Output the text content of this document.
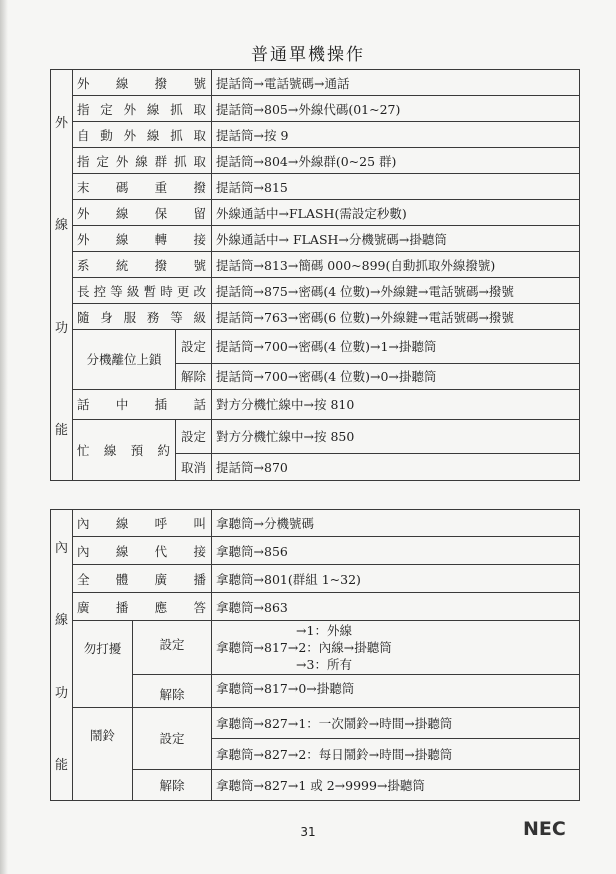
普通單機操作
外
線
功
能	外線撥號		提話筒→電話號碼→通話
	指定外線抓取		提話筒→805→外線代碼(01~27)
	自動外線抓取		提話筒→按 9
	指定外線群抓取		提話筒→804→外線群(0~25 群)
	末碼重撥		提話筒→815
	外線保留		外線通話中→FLASH(需設定秒數)
	外線轉接		外線通話中→ FLASH→分機號碼→掛聽筒
	系統撥號		提話筒→813→簡碼 000~899(自動抓取外線撥號)
	長控等級暫時更改		提話筒→875→密碼(4 位數)→外線鍵→電話號碼→撥號
	隨身服務等級		提話筒→763→密碼(6 位數)→外線鍵→電話號碼→撥號
	分機離位上鎖	設定	提話筒→700→密碼(4 位數)→1→掛聽筒
		解除	提話筒→700→密碼(4 位數)→0→掛聽筒
	話中插話		對方分機忙線中→按 810
	忙線預約	設定	對方分機忙線中→按 850
		取消	提話筒→870
內
線
功
能	內線呼叫		拿聽筒→分機號碼
	內線代接		拿聽筒→856
	全體廣播		拿聽筒→801(群組 1~32)
	廣播應答		拿聽筒→863
	勿打擾	設定	→1：外線
拿聽筒→817→2：內線→掛聽筒
→3：所有

		解除	拿聽筒→817→0→掛聽筒
	鬧鈴	設定	拿聽筒→827→1：一次鬧鈴→時間→掛聽筒
			拿聽筒→827→2：每日鬧鈴→時間→掛聽筒
		解除	拿聽筒→827→1 或 2→9999→掛聽筒
31	NEC
